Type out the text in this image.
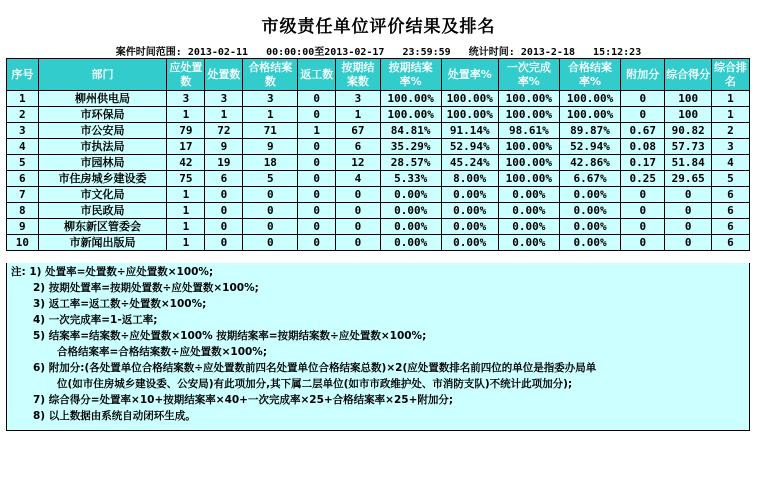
市级责任单位评价结果及排名
案件时间范围: 2013-02-11   00:00:00至2013-02-17   23:59:59 统计时间: 2013-2-18   15:12:23
序号	部门	应处置数	处置数	合格结案数	返工数	按期结案数	按期结案率%	处置率%	一次完成率%	合格结案率%	附加分	综合得分	综合排名
1	柳州供电局	3	3	3	0	3	100.00%	100.00%	100.00%	100.00%	0	100	1
2	市环保局	1	1	1	0	1	100.00%	100.00%	100.00%	100.00%	0	100	1
3	市公安局	79	72	71	1	67	84.81%	91.14%	98.61%	89.87%	0.67	90.82	2
4	市执法局	17	9	9	0	6	35.29%	52.94%	100.00%	52.94%	0.08	57.73	3
5	市园林局	42	19	18	0	12	28.57%	45.24%	100.00%	42.86%	0.17	51.84	4
6	市住房城乡建设委	75	6	5	0	4	5.33%	8.00%	100.00%	6.67%	0.25	29.65	5
7	市文化局	1	0	0	0	0	0.00%	0.00%	0.00%	0.00%	0	0	6
8	市民政局	1	0	0	0	0	0.00%	0.00%	0.00%	0.00%	0	0	6
9	柳东新区管委会	1	0	0	0	0	0.00%	0.00%	0.00%	0.00%	0	0	6
10	市新闻出版局	1	0	0	0	0	0.00%	0.00%	0.00%	0.00%	0	0	6
注: 1) 处置率=处置数÷应处置数×100%;
2) 按期处置率=按期处置数÷应处置数×100%;
3) 返工率=返工数÷处置数×100%;
4) 一次完成率=1-返工率;
5) 结案率=结案数÷应处置数×100% 按期结案率=按期结案数÷应处置数×100%;
合格结案率=合格结案数÷应处置数×100%;
6) 附加分:(各处置单位合格结案数÷应处置数前四名处置单位合格结案总数)×2(应处置数排名前四位的单位是指委办局单
位(如市住房城乡建设委、公安局)有此项加分,其下属二层单位(如市市政维护处、市消防支队)不统计此项加分);
7) 综合得分=处置率×10+按期结案率×40+一次完成率×25+合格结案率×25+附加分;
8) 以上数据由系统自动闭环生成。
